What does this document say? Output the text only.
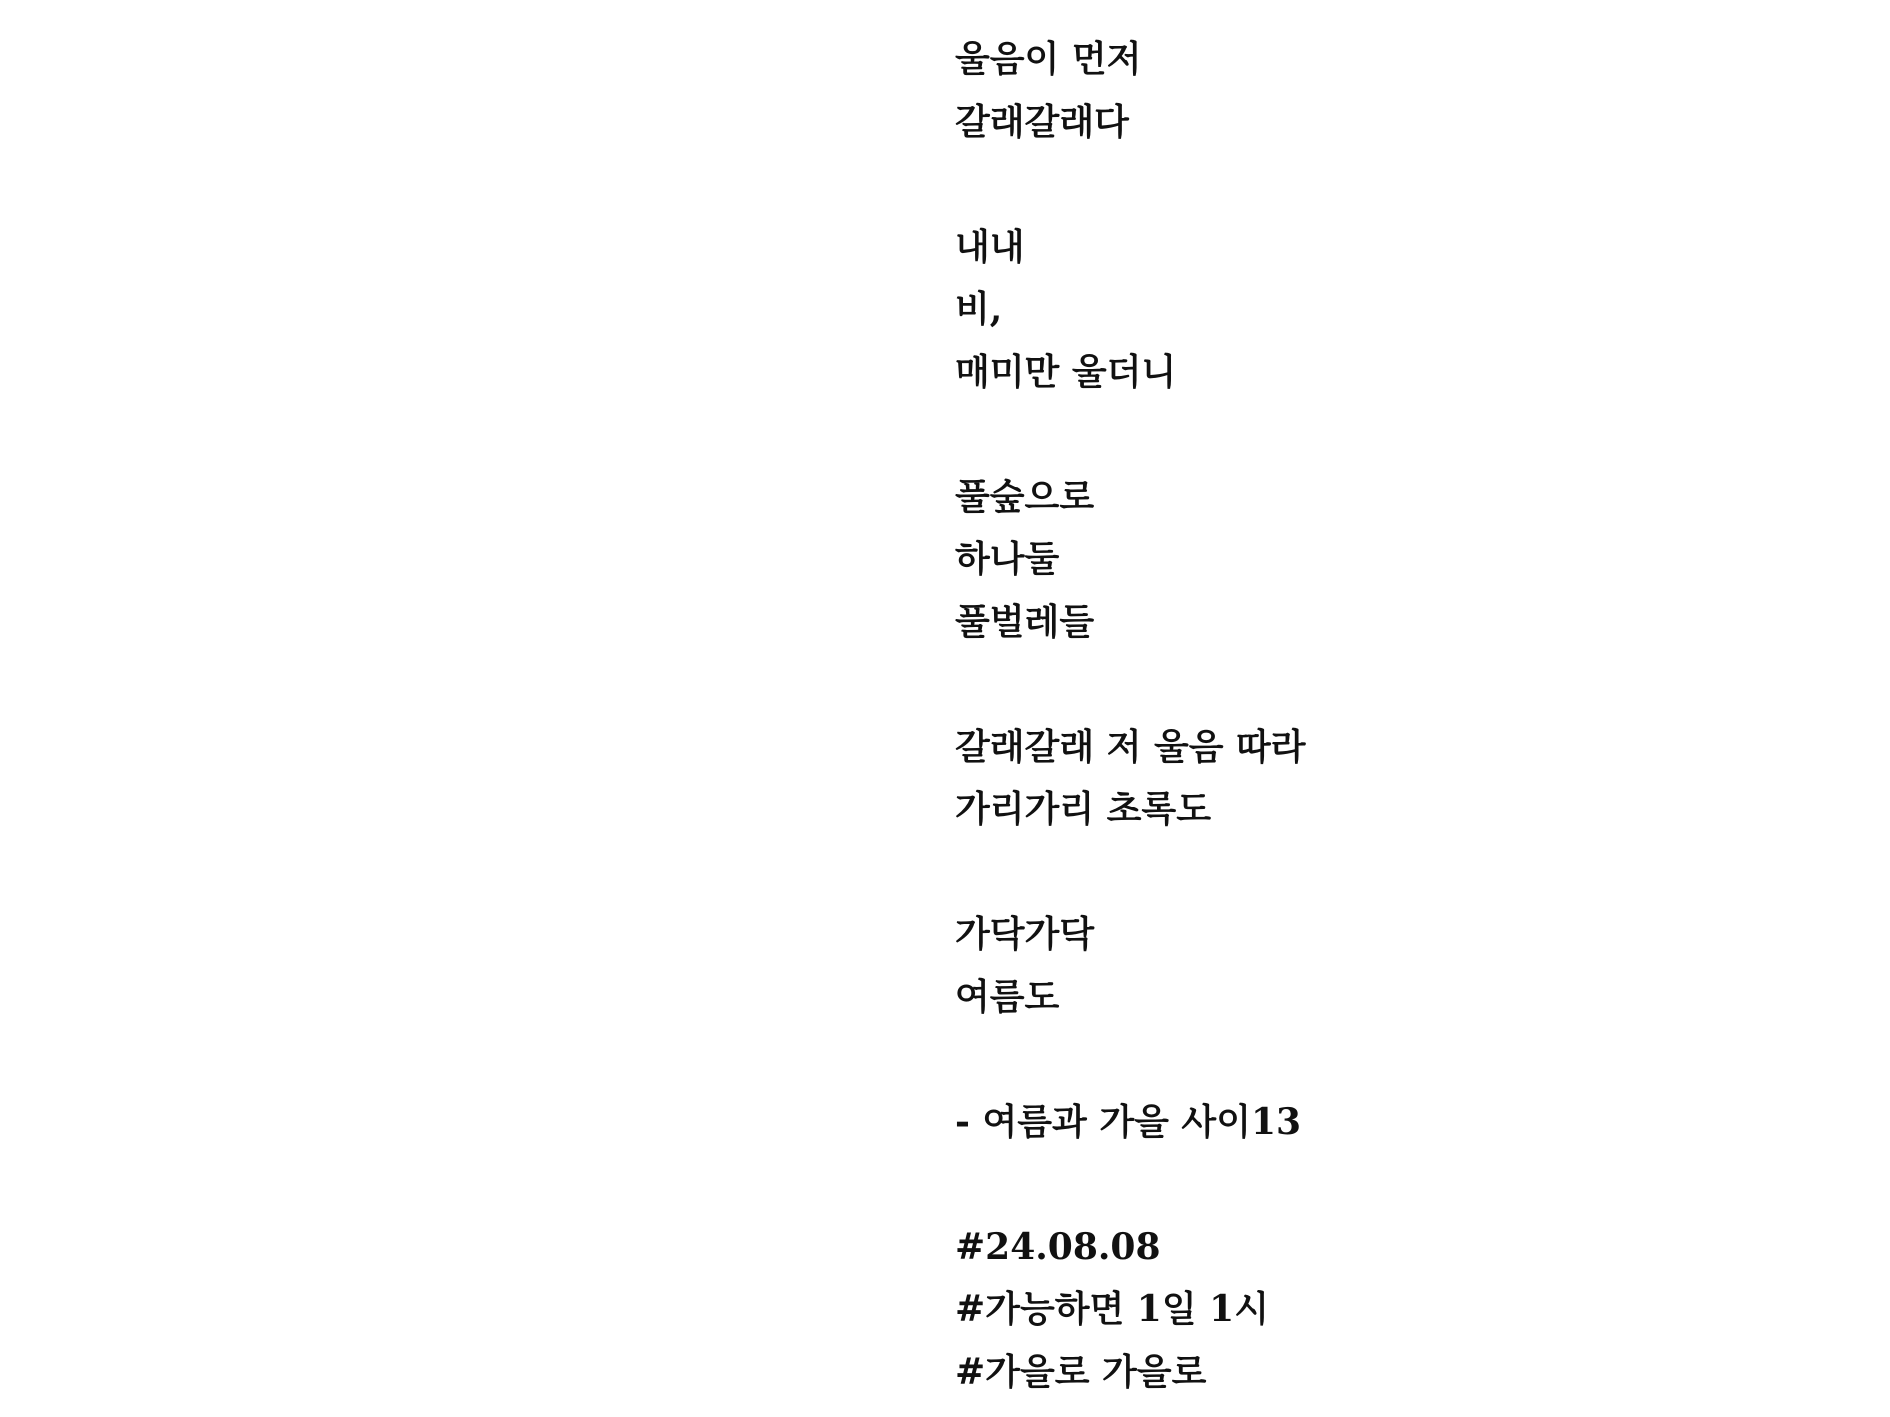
울음이 먼저
갈래갈래다
내내
비,
매미만 울더니
풀숲으로
하나둘
풀벌레들
갈래갈래 저 울음 따라
가리가리 초록도
가닥가닥
여름도
- 여름과 가을 사이13
#24.08.08
#가능하면 1일 1시
#가을로 가을로
